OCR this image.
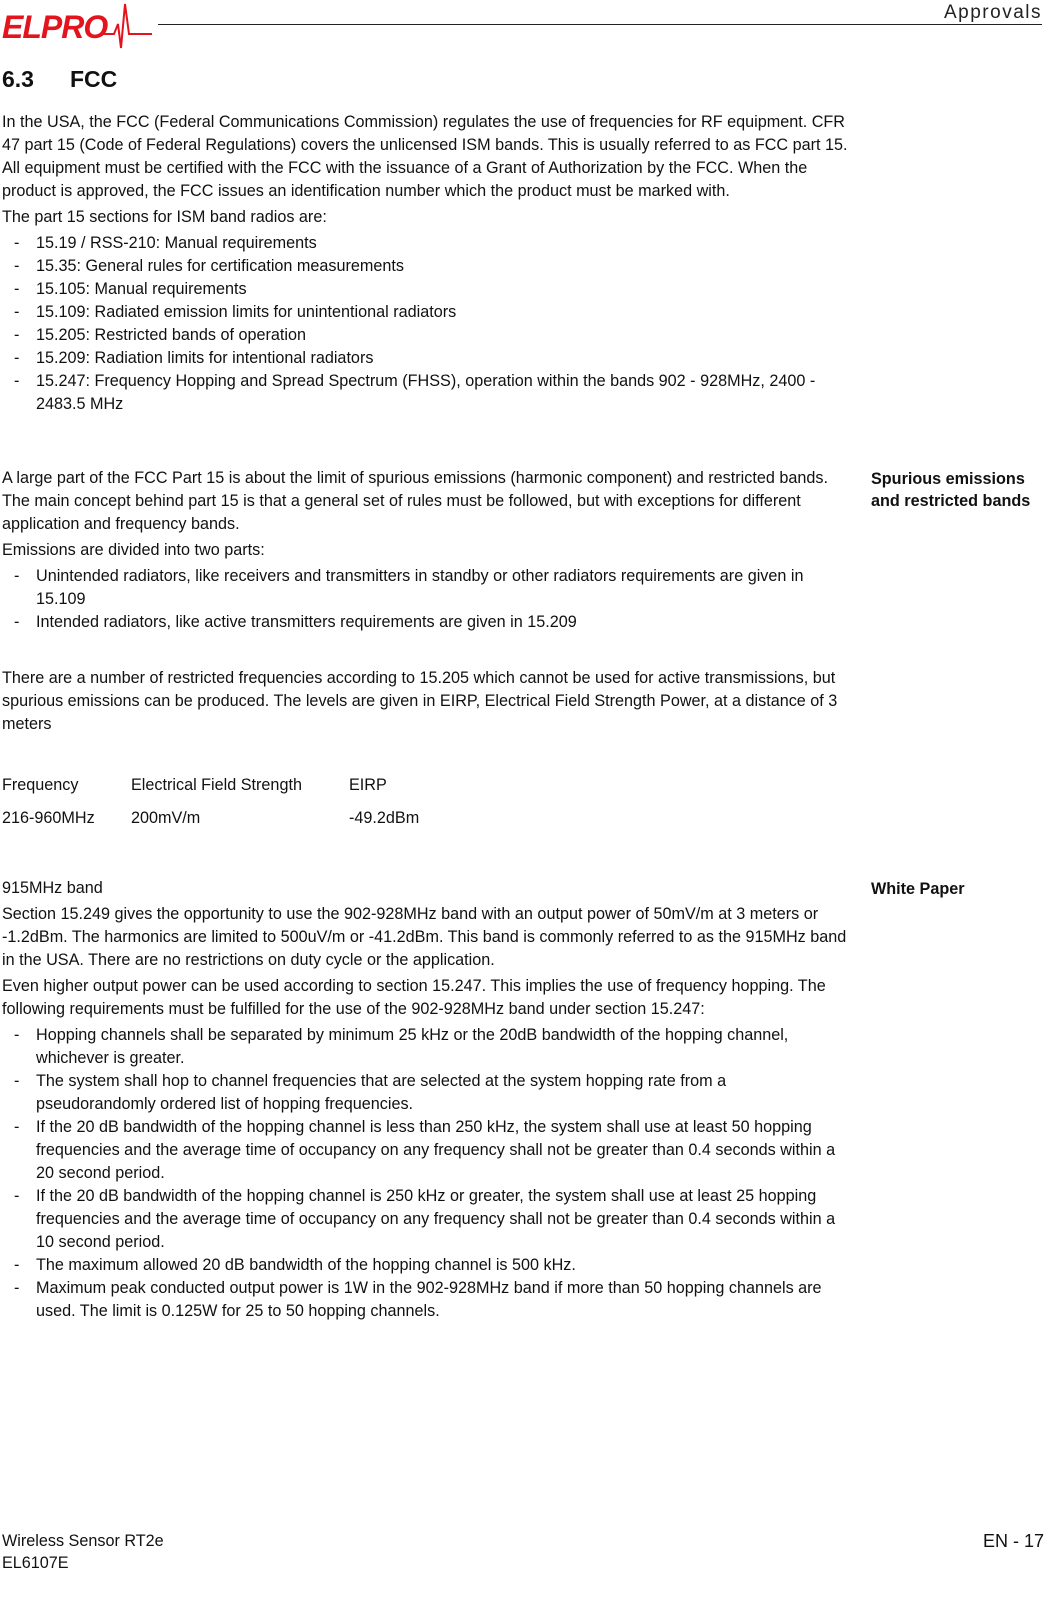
ELPRO	Approvals
6.3 FCC

In the USA, the FCC (Federal Communications Commission) regulates the use of frequencies for RF equipment. CFR 47 part 15 (Code of Federal Regulations) covers the unlicensed ISM bands. This is usually referred to as FCC part 15. All equipment must be certified with the FCC with the issuance of a Grant of Authorization by the FCC. When the product is approved, the FCC issues an identification number which the product must be marked with.

The part 15 sections for ISM band radios are:

- 15.19 / RSS-210: Manual requirements
- 15.35: General rules for certification measurements
- 15.105: Manual requirements
- 15.109: Radiated emission limits for unintentional radiators
- 15.205: Restricted bands of operation
- 15.209: Radiation limits for intentional radiators
- 15.247: Frequency Hopping and Spread Spectrum (FHSS), operation within the bands 902 - 928MHz, 2400 - 2483.5 MHz
Spurious emissions and restricted bands

A large part of the FCC Part 15 is about the limit of spurious emissions (harmonic component) and restricted bands. The main concept behind part 15 is that a general set of rules must be followed, but with exceptions for different application and frequency bands.

Emissions are divided into two parts:

- Unintended radiators, like receivers and transmitters in standby or other radiators requirements are given in 15.109
- Intended radiators, like active transmitters requirements are given in 15.209
There are a number of restricted frequencies according to 15.205 which cannot be used for active transmissions, but spurious emissions can be produced. The levels are given in EIRP, Electrical Field Strength Power, at a distance of 3 meters
Frequency	Electrical Field Strength	EIRP
216-960MHz	200mV/m	-49.2dBm
White Paper

915MHz band

Section 15.249 gives the opportunity to use the 902-928MHz band with an output power of 50mV/m at 3 meters or -1.2dBm. The harmonics are limited to 500uV/m or -41.2dBm. This band is commonly referred to as the 915MHz band in the USA. There are no restrictions on duty cycle or the application.

Even higher output power can be used according to section 15.247. This implies the use of frequency hopping. The following requirements must be fulfilled for the use of the 902-928MHz band under section 15.247:

- Hopping channels shall be separated by minimum 25 kHz or the 20dB bandwidth of the hopping channel, whichever is greater.
- The system shall hop to channel frequencies that are selected at the system hopping rate from a pseudorandomly ordered list of hopping frequencies.
- If the 20 dB bandwidth of the hopping channel is less than 250 kHz, the system shall use at least 50 hopping frequencies and the average time of occupancy on any frequency shall not be greater than 0.4 seconds within a 20 second period.
- If the 20 dB bandwidth of the hopping channel is 250 kHz or greater, the system shall use at least 25 hopping frequencies and the average time of occupancy on any frequency shall not be greater than 0.4 seconds within a 10 second period.
- The maximum allowed 20 dB bandwidth of the hopping channel is 500 kHz.
- Maximum peak conducted output power is 1W in the 902-928MHz band if more than 50 hopping channels are used. The limit is 0.125W for 25 to 50 hopping channels.
Wireless Sensor RT2e
EL6107E
EN - 17
